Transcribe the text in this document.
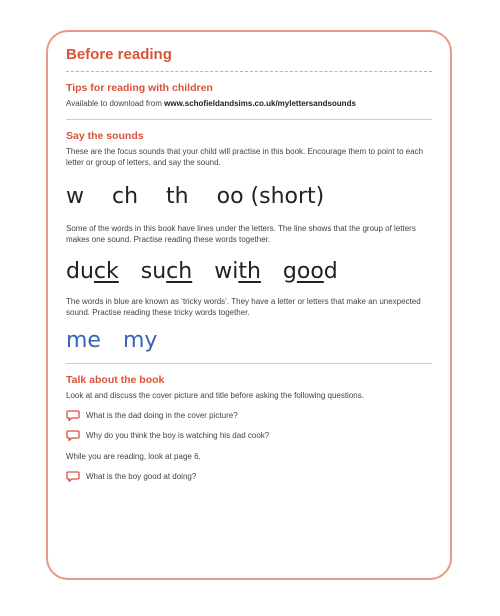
Before reading
Tips for reading with children
Available to download from www.schofieldandsims.co.uk/mylettersandsounds
Say the sounds
These are the focus sounds that your child will practise in this book. Encourage them to point to each letter or group of letters, and say the sound.
w ch th oo (short)
Some of the words in this book have lines under the letters. The line shows that the group of letters makes one sound. Practise reading these words together.
duck such with good
The words in blue are known as ‘tricky words’. They have a letter or letters that make an unexpected sound. Practise reading these tricky words together.
me my
Talk about the book
Look at and discuss the cover picture and title before asking the following questions.
What is the dad doing in the cover picture?
Why do you think the boy is watching his dad cook?
While you are reading, look at page 6.
What is the boy good at doing?
